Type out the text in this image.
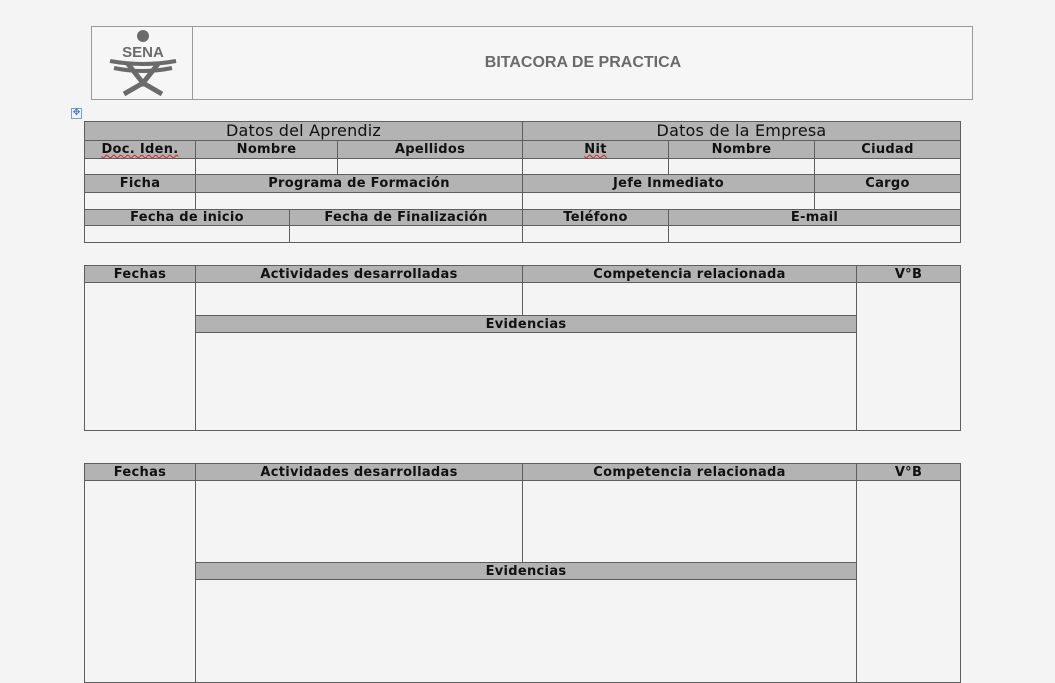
SENA
BITACORA DE PRACTICA
✥
Datos del Aprendiz	Datos de la Empresa
Doc. Iden.	Nombre	Apellidos	Nit	Nombre	Ciudad
Ficha	Programa de Formación	Jefe Inmediato	Cargo
Fecha de inicio	Fecha de Finalización	Teléfono	E-mail
Fechas	Actividades desarrolladas	Competencia relacionada	V°B
Evidencias
Fechas	Actividades desarrolladas	Competencia relacionada	V°B
Evidencias
